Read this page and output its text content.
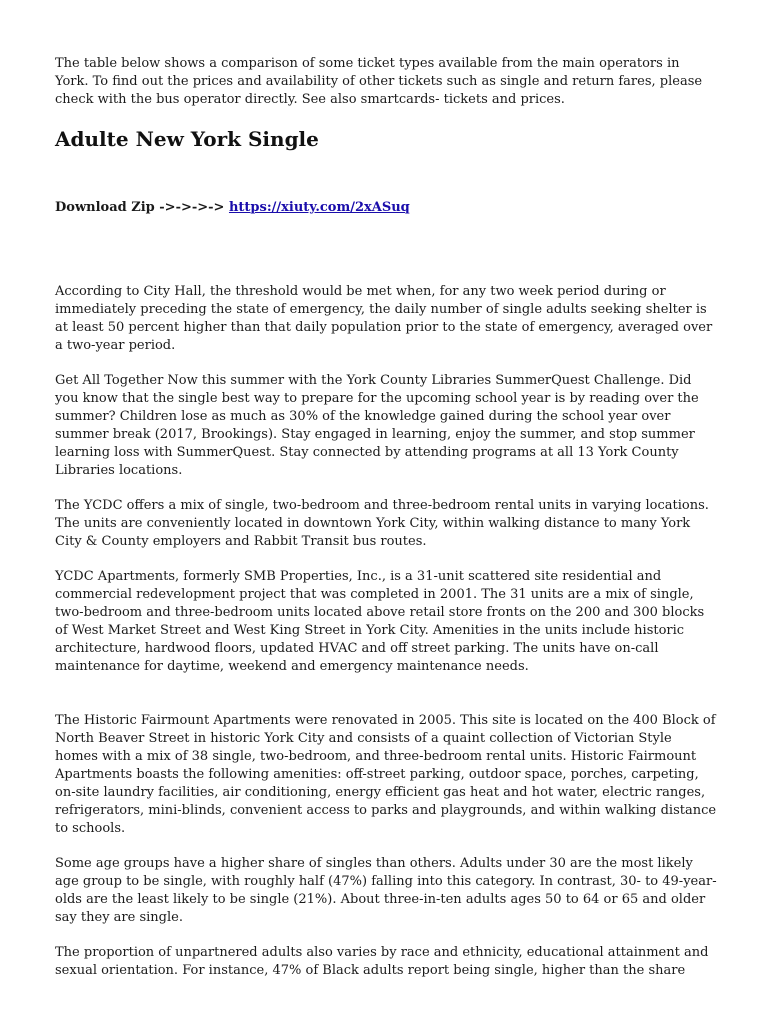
The table below shows a comparison of some ticket types available from the main operators in York. To find out the prices and availability of other tickets such as single and return fares, please check with the bus operator directly. See also smartcards- tickets and prices.

Adulte New York Single
Download Zip ->->->-> https://xiuty.com/2xASuq

According to City Hall, the threshold would be met when, for any two week period during or immediately preceding the state of emergency, the daily number of single adults seeking shelter is at least 50 percent higher than that daily population prior to the state of emergency, averaged over a two-year period.

Get All Together Now this summer with the York County Libraries SummerQuest Challenge. Did you know that the single best way to prepare for the upcoming school year is by reading over the summer? Children lose as much as 30% of the knowledge gained during the school year over summer break (2017, Brookings). Stay engaged in learning, enjoy the summer, and stop summer learning loss with SummerQuest. Stay connected by attending programs at all 13 York County Libraries locations.

The YCDC offers a mix of single, two-bedroom and three-bedroom rental units in varying locations. The units are conveniently located in downtown York City, within walking distance to many York City & County employers and Rabbit Transit bus routes.

YCDC Apartments, formerly SMB Properties, Inc., is a 31-unit scattered site residential and commercial redevelopment project that was completed in 2001. The 31 units are a mix of single, two-bedroom and three-bedroom units located above retail store fronts on the 200 and 300 blocks of West Market Street and West King Street in York City. Amenities in the units include historic architecture, hardwood floors, updated HVAC and off street parking. The units have on-call maintenance for daytime, weekend and emergency maintenance needs.

The Historic Fairmount Apartments were renovated in 2005. This site is located on the 400 Block of North Beaver Street in historic York City and consists of a quaint collection of Victorian Style homes with a mix of 38 single, two-bedroom, and three-bedroom rental units. Historic Fairmount Apartments boasts the following amenities: off-street parking, outdoor space, porches, carpeting, on-site laundry facilities, air conditioning, energy efficient gas heat and hot water, electric ranges, refrigerators, mini-blinds, convenient access to parks and playgrounds, and within walking distance to schools.

Some age groups have a higher share of singles than others. Adults under 30 are the most likely age group to be single, with roughly half (47%) falling into this category. In contrast, 30- to 49-year-olds are the least likely to be single (21%). About three-in-ten adults ages 50 to 64 or 65 and older say they are single.

The proportion of unpartnered adults also varies by race and ethnicity, educational attainment and sexual orientation. For instance, 47% of Black adults report being single, higher than the share
